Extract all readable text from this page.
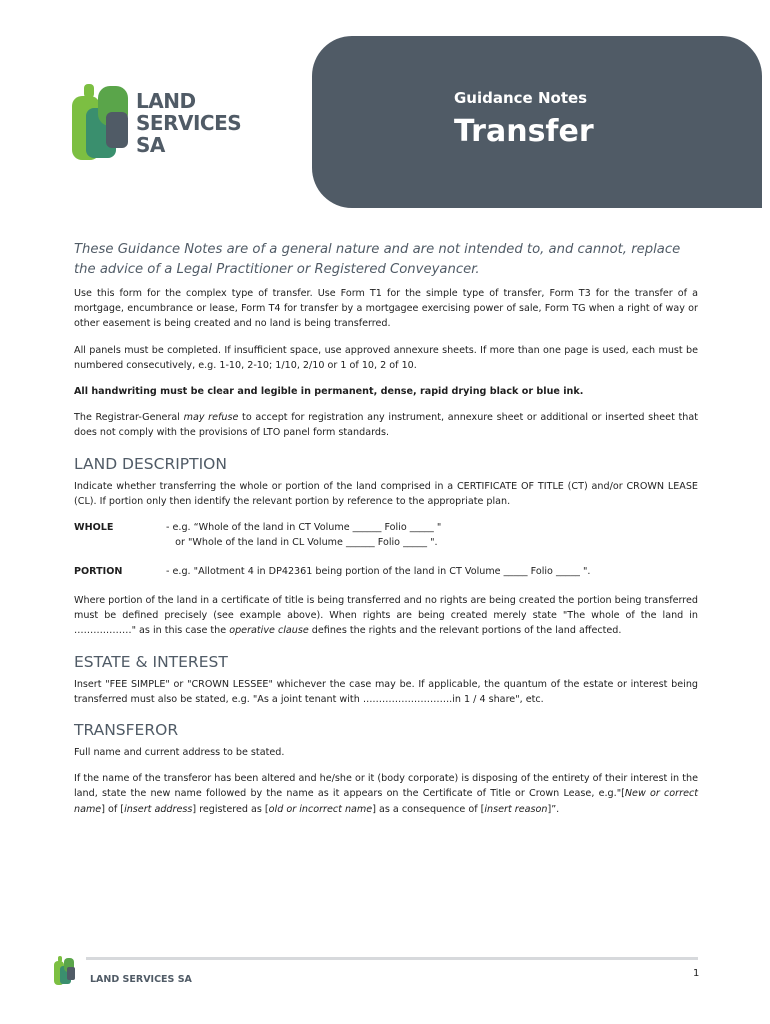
LAND
SERVICES
SA
Guidance Notes
Transfer

These Guidance Notes are of a general nature and are not intended to, and cannot, replace the advice of a Legal Practitioner or Registered Conveyancer.

Use this form for the complex type of transfer. Use Form T1 for the simple type of transfer, Form T3 for the transfer of a mortgage, encumbrance or lease, Form T4 for transfer by a mortgagee exercising power of sale, Form TG when a right of way or other easement is being created and no land is being transferred.

All panels must be completed. If insufficient space, use approved annexure sheets. If more than one page is used, each must be numbered consecutively, e.g. 1-10, 2-10; 1/10, 2/10 or 1 of 10, 2 of 10.

All handwriting must be clear and legible in permanent, dense, rapid drying black or blue ink.

The Registrar-General may refuse to accept for registration any instrument, annexure sheet or additional or inserted sheet that does not comply with the provisions of LTO panel form standards.

LAND DESCRIPTION

Indicate whether transferring the whole or portion of the land comprised in a CERTIFICATE OF TITLE (CT) and/or CROWN LEASE (CL). If portion only then identify the relevant portion by reference to the appropriate plan.

WHOLE	- e.g. “Whole of the land in CT Volume ______ Folio _____ "
or "Whole of the land in CL Volume ______ Folio _____ ".
PORTION	- e.g. "Allotment 4 in DP42361 being portion of the land in CT Volume _____ Folio _____ ".

Where portion of the land in a certificate of title is being transferred and no rights are being created the portion being transferred must be defined precisely (see example above). When rights are being created merely state "The whole of the land in ………………" as in this case the operative clause defines the rights and the relevant portions of the land affected.

ESTATE & INTEREST

Insert "FEE SIMPLE" or "CROWN LESSEE" whichever the case may be. If applicable, the quantum of the estate or interest being transferred must also be stated, e.g. "As a joint tenant with ……………………….in 1 / 4 share", etc.

TRANSFEROR

Full name and current address to be stated.

If the name of the transferor has been altered and he/she or it (body corporate) is disposing of the entirety of their interest in the land, state the new name followed by the name as it appears on the Certificate of Title or Crown Lease, e.g."[New or correct name] of [insert address] registered as [old or incorrect name] as a consequence of [insert reason]”.

LAND SERVICES SA
1
